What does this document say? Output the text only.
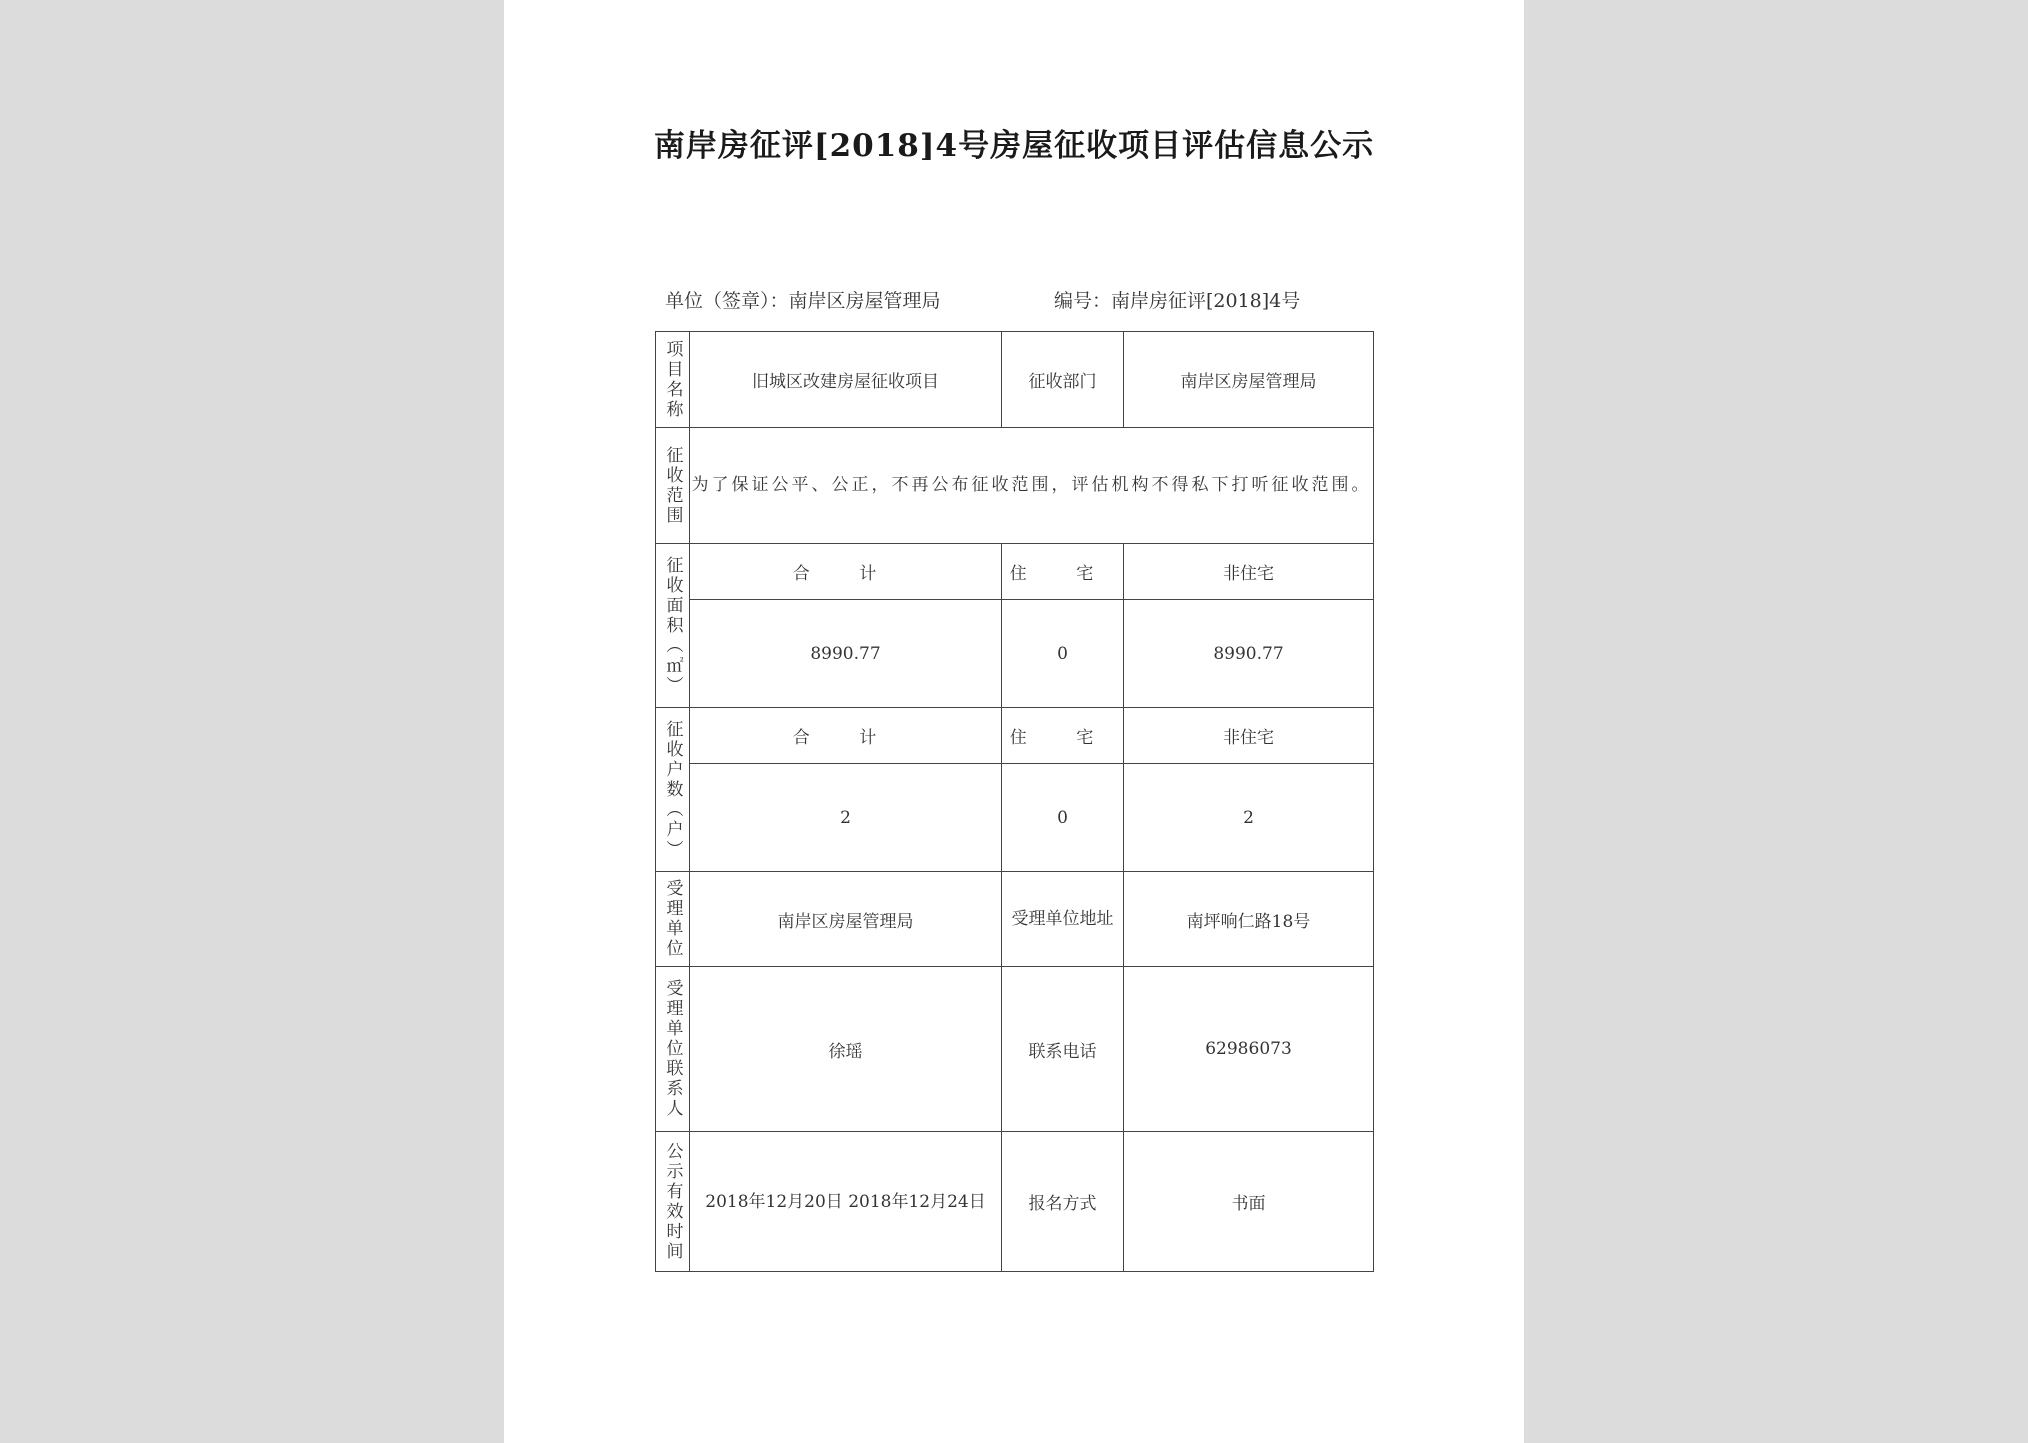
南岸房征评[2018]4号房屋征收项目评估信息公示
单位（签章）：南岸区房屋管理局	编号：南岸房征评[2018]4号
项目名称	旧城区改建房屋征收项目	征收部门	南岸区房屋管理局

征收范围	为了保证公平、公正，不再公布征收范围，评估机构不得私下打听征收范围。		

征收面积（㎡）	合 计	住 宅	非住宅
	8990.77	0	8990.77

征收户数（户）	合 计	住 宅	非住宅
	2	0	2

受理单位	南岸区房屋管理局	受理单位地址	南坪响仁路18号

受理单位联系人	徐瑶	联系电话	62986073

公示有效时间	2018年12月20日 2018年12月24日	报名方式	书面
